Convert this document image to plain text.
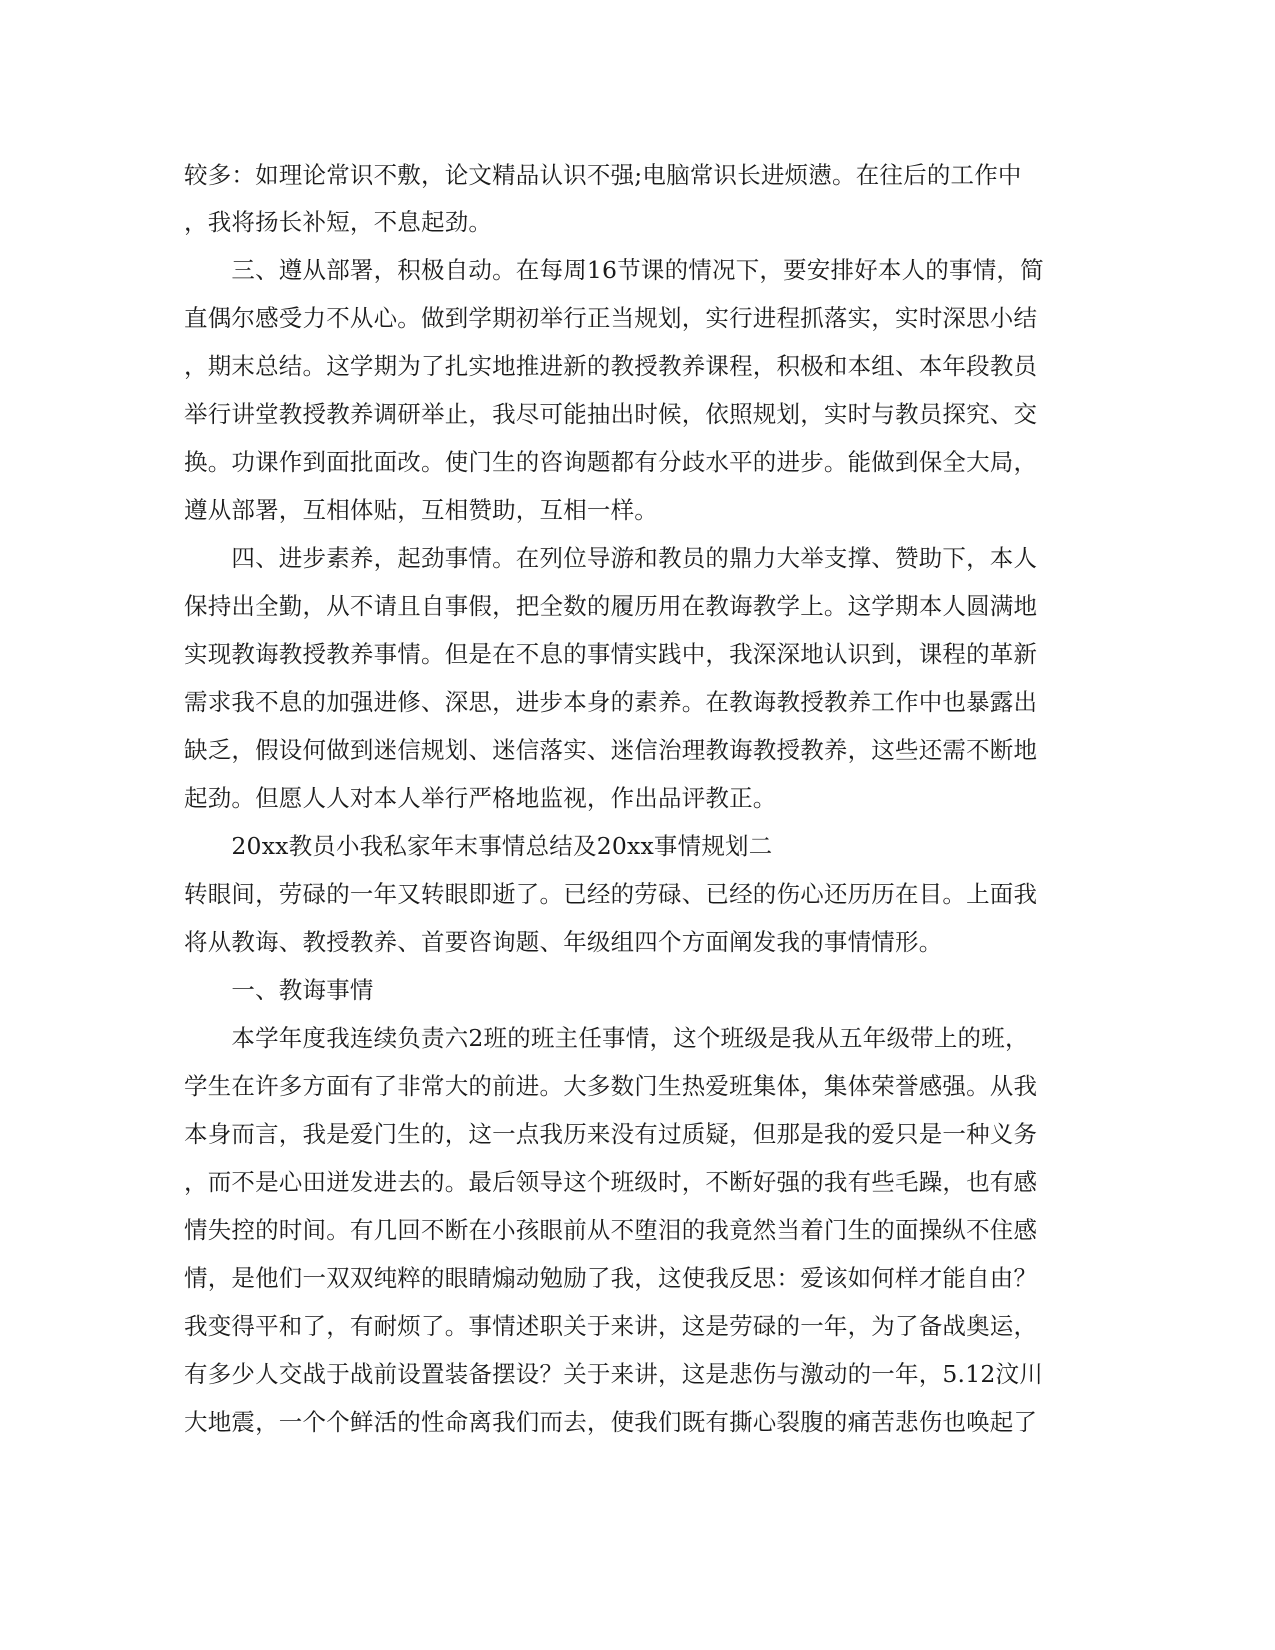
较多：如理论常识不敷，论文精品认识不强;电脑常识长进烦懑。在往后的工作中
，我将扬长补短，不息起劲。
　　三、遵从部署，积极自动。在每周16节课的情况下，要安排好本人的事情，简
直偶尔感受力不从心。做到学期初举行正当规划，实行进程抓落实，实时深思小结
，期末总结。这学期为了扎实地推进新的教授教养课程，积极和本组、本年段教员
举行讲堂教授教养调研举止，我尽可能抽出时候，依照规划，实时与教员探究、交
换。功课作到面批面改。使门生的咨询题都有分歧水平的进步。能做到保全大局，
遵从部署，互相体贴，互相赞助，互相一样。
　　四、进步素养，起劲事情。在列位导游和教员的鼎力大举支撑、赞助下，本人
保持出全勤，从不请且自事假，把全数的履历用在教诲教学上。这学期本人圆满地
实现教诲教授教养事情。但是在不息的事情实践中，我深深地认识到，课程的革新
需求我不息的加强进修、深思，进步本身的素养。在教诲教授教养工作中也暴露出
缺乏，假设何做到迷信规划、迷信落实、迷信治理教诲教授教养，这些还需不断地
起劲。但愿人人对本人举行严格地监视，作出品评教正。
　　20xx教员小我私家年末事情总结及20xx事情规划二
转眼间，劳碌的一年又转眼即逝了。已经的劳碌、已经的伤心还历历在目。上面我
将从教诲、教授教养、首要咨询题、年级组四个方面阐发我的事情情形。
　　一、教诲事情
　　本学年度我连续负责六2班的班主任事情，这个班级是我从五年级带上的班，
学生在许多方面有了非常大的前进。大多数门生热爱班集体，集体荣誉感强。从我
本身而言，我是爱门生的，这一点我历来没有过质疑，但那是我的爱只是一种义务
，而不是心田迸发进去的。最后领导这个班级时，不断好强的我有些毛躁，也有感
情失控的时间。有几回不断在小孩眼前从不堕泪的我竟然当着门生的面操纵不住感
情，是他们一双双纯粹的眼睛煽动勉励了我，这使我反思：爱该如何样才能自由？
我变得平和了，有耐烦了。事情述职关于来讲，这是劳碌的一年，为了备战奥运，
有多少人交战于战前设置装备摆设？关于来讲，这是悲伤与激动的一年，5.12汶川
大地震，一个个鲜活的性命离我们而去，使我们既有撕心裂腹的痛苦悲伤也唤起了
